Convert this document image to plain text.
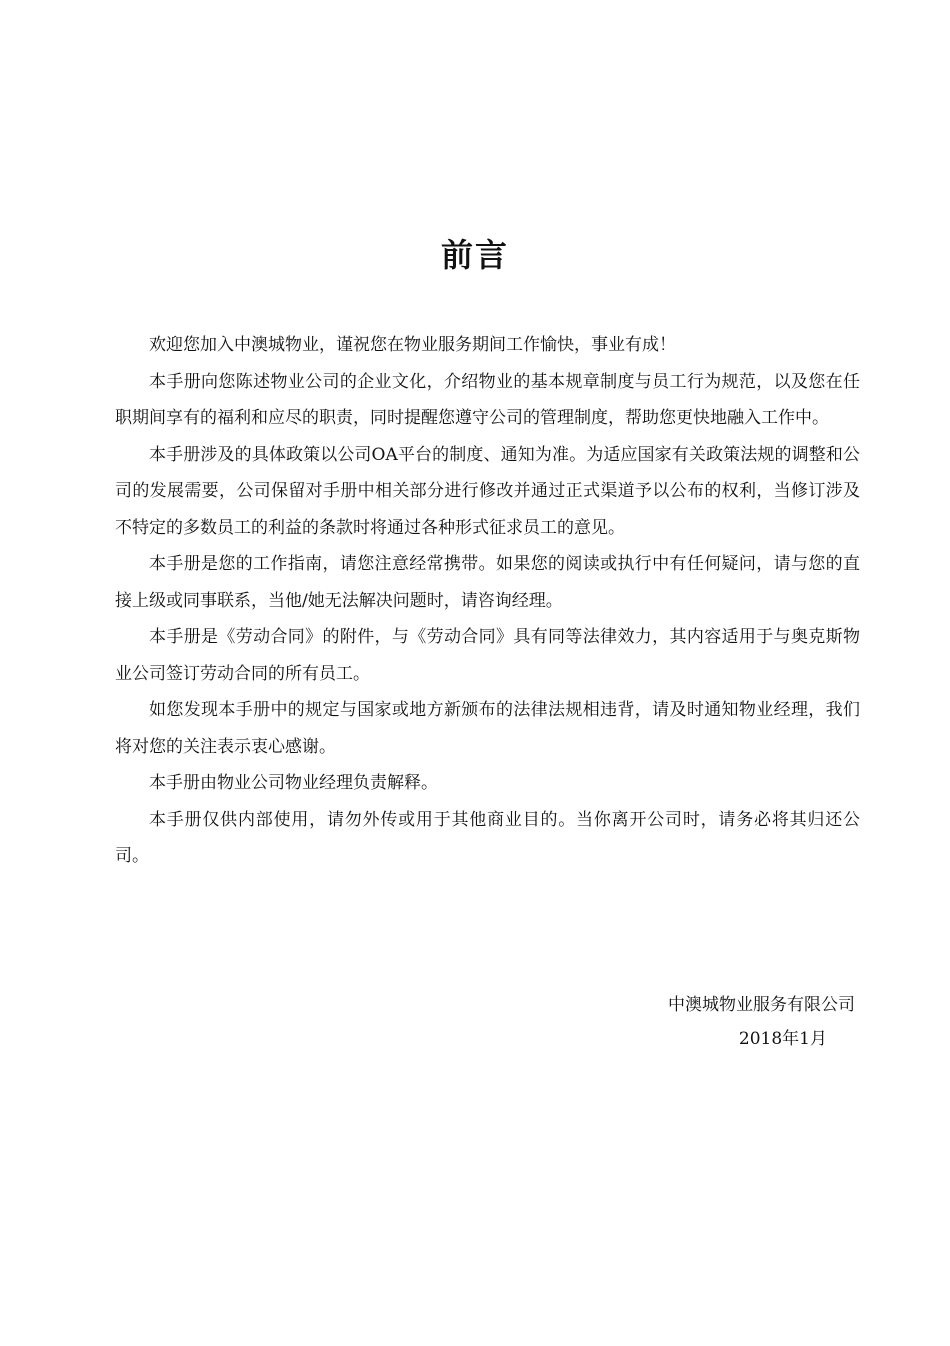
前言

欢迎您加入中澳城物业，谨祝您在物业服务期间工作愉快，事业有成！

本手册向您陈述物业公司的企业文化，介绍物业的基本规章制度与员工行为规范，以及您在任职期间享有的福利和应尽的职责，同时提醒您遵守公司的管理制度，帮助您更快地融入工作中。

本手册涉及的具体政策以公司OA平台的制度、通知为准。为适应国家有关政策法规的调整和公司的发展需要，公司保留对手册中相关部分进行修改并通过正式渠道予以公布的权利，当修订涉及不特定的多数员工的利益的条款时将通过各种形式征求员工的意见。

本手册是您的工作指南，请您注意经常携带。如果您的阅读或执行中有任何疑问，请与您的直接上级或同事联系，当他/她无法解决问题时，请咨询经理。

本手册是《劳动合同》的附件，与《劳动合同》具有同等法律效力，其内容适用于与奥克斯物业公司签订劳动合同的所有员工。

如您发现本手册中的规定与国家或地方新颁布的法律法规相违背，请及时通知物业经理，我们将对您的关注表示衷心感谢。

本手册由物业公司物业经理负责解释。

本手册仅供内部使用，请勿外传或用于其他商业目的。当你离开公司时，请务必将其归还公司。

中澳城物业服务有限公司
2018年1月
